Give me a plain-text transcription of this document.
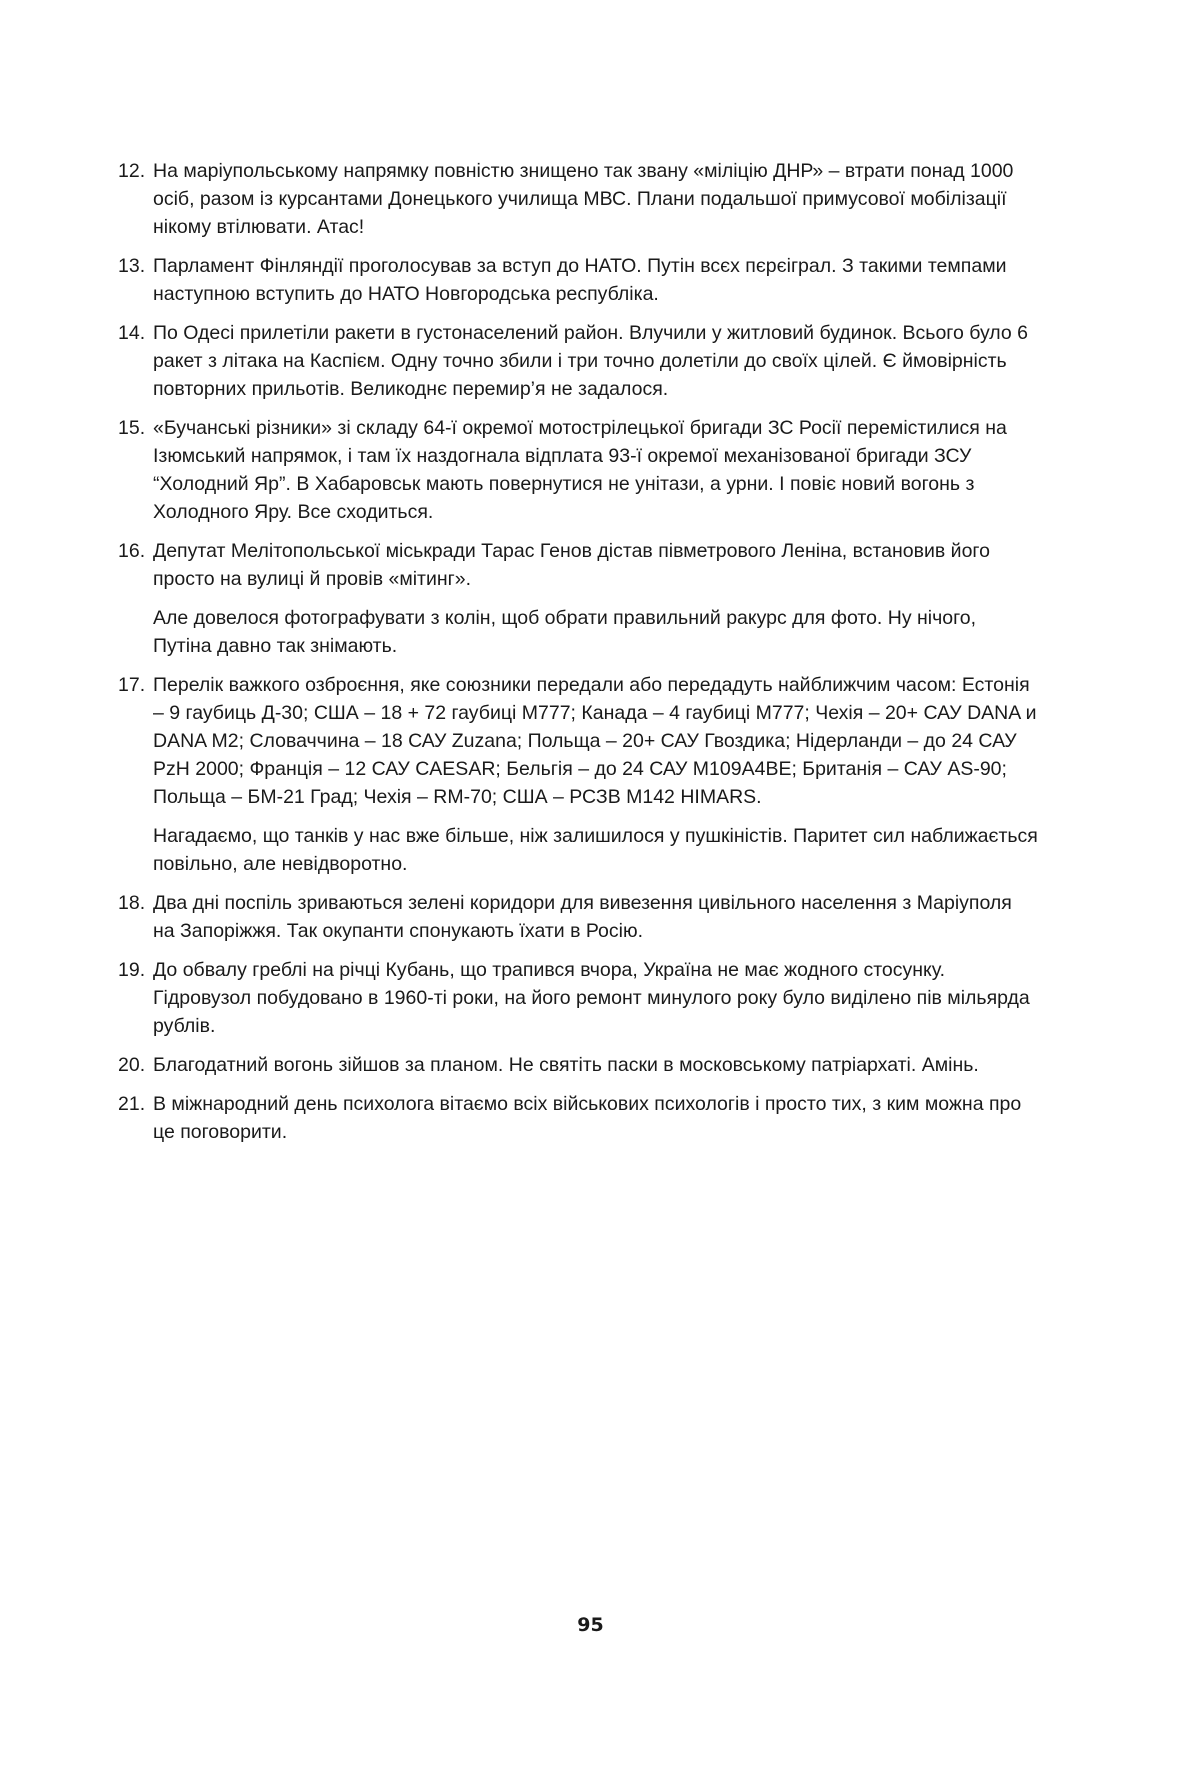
12. На маріупольському напрямку повністю знищено так звану «міліцію ДНР» – втрати понад 1000 осіб, разом із курсантами Донецького училища МВС. Плани подальшої примусової мобілізації нікому втілювати. Атас!

13. Парламент Фінляндії проголосував за вступ до НАТО. Путін всєх пєрєіграл. З такими темпами наступною вступить до НАТО Новгородська республіка.

14. По Одесі прилетіли ракети в густонаселений район. Влучили у житловий будинок. Всього було 6 ракет з літака на Каспієм. Одну точно збили і три точно долетіли до своїх цілей. Є ймовірність повторних прильотів. Великоднє перемир’я не задалося.

15. «Бучанські різники» зі складу 64-ї окремої мотострілецької бригади ЗС Росії перемістилися на Ізюмський напрямок, і там їх наздогнала відплата 93-ї окремої механізованої бригади ЗСУ “Холодний Яр”. В Хабаровськ мають повернутися не унітази, а урни. І повіє новий вогонь з Холодного Яру. Все сходиться.

16. Депутат Мелітопольської міськради Тарас Генов дістав півметрового Леніна, встановив його просто на вулиці й провів «мітинг».

Але довелося фотографувати з колін, щоб обрати правильний ракурс для фото. Ну нічого, Путіна давно так знімають.

17. Перелік важкого озброєння, яке союзники передали або передадуть найближчим часом: Естонія – 9 гаубиць Д-30; США – 18 + 72 гаубиці М777; Канада – 4 гаубиці М777; Чехія – 20+ САУ DANA и DANA M2; Словаччина – 18 САУ Zuzana; Польща – 20+ САУ Гвоздика; Нідерланди – до 24 САУ PzH 2000; Франція – 12 САУ CAESAR; Бельгія – до 24 САУ M109A4BE; Британія – САУ AS-90; Польща – БМ-21 Град; Чехія – RM-70; США – РСЗВ M142 HIMARS.

Нагадаємо, що танків у нас вже більше, ніж залишилося у пушкіністів. Паритет сил наближається повільно, але невідворотно.

18. Два дні поспіль зриваються зелені коридори для вивезення цивільного населення з Маріуполя на Запоріжжя. Так окупанти спонукають їхати в Росію.

19. До обвалу греблі на річці Кубань, що трапився вчора, Україна не має жодного стосунку. Гідровузол побудовано в 1960-ті роки, на його ремонт минулого року було виділено пів мільярда рублів.

20. Благодатний вогонь зійшов за планом. Не святіть паски в московському патріархаті. Амінь.

21. В міжнародний день психолога вітаємо всіх військових психологів і просто тих, з ким можна про це поговорити.

95
